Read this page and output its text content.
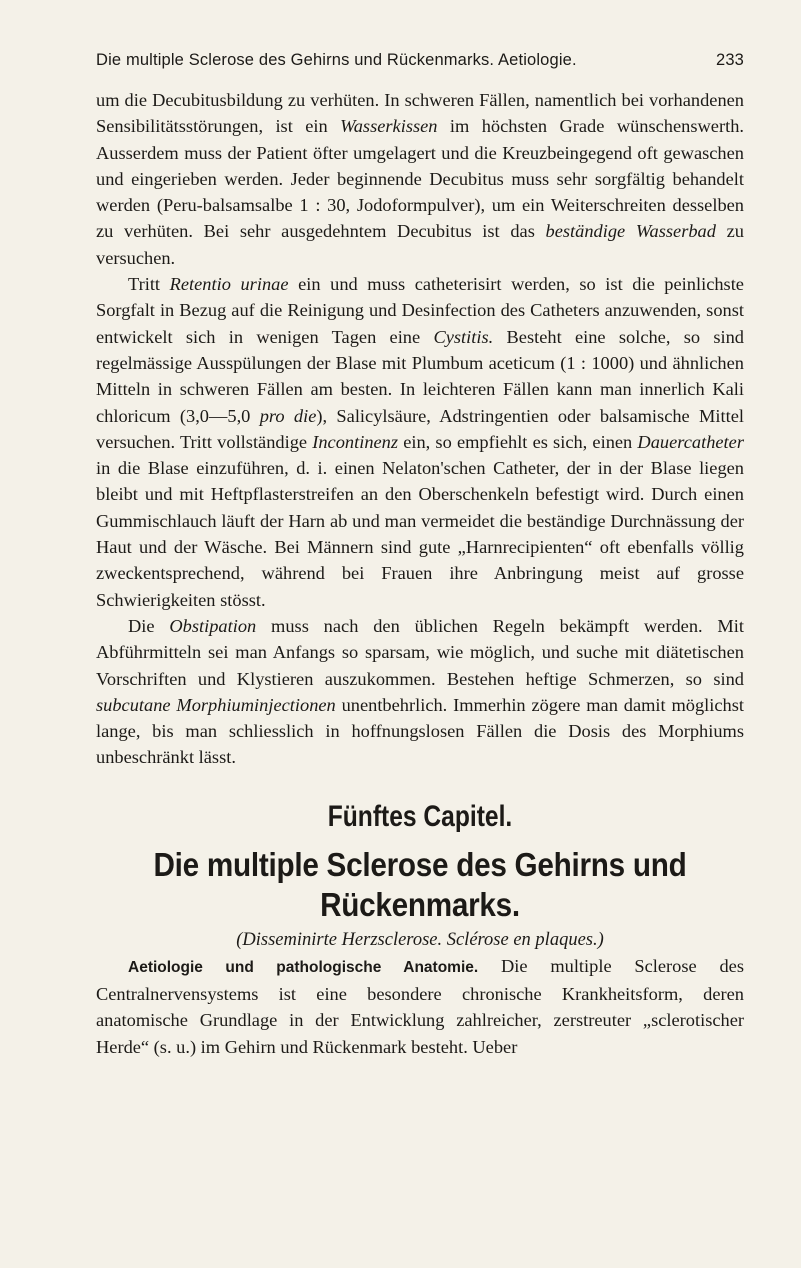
Die multiple Sclerose des Gehirns und Rückenmarks. Aetiologie.	233

um die Decubitusbildung zu verhüten. In schweren Fällen, namentlich bei vorhandenen Sensibilitätsstörungen, ist ein Wasserkissen im höchsten Grade wünschenswerth. Ausserdem muss der Patient öfter umgelagert und die Kreuzbeingegend oft gewaschen und eingerieben werden. Jeder beginnende Decubitus muss sehr sorgfältig behandelt werden (Peru-balsamsalbe 1 : 30, Jodoformpulver), um ein Weiterschreiten desselben zu verhüten. Bei sehr ausgedehntem Decubitus ist das beständige Wasserbad zu versuchen.

Tritt Retentio urinae ein und muss catheterisirt werden, so ist die peinlichste Sorgfalt in Bezug auf die Reinigung und Desinfection des Catheters anzuwenden, sonst entwickelt sich in wenigen Tagen eine Cystitis. Besteht eine solche, so sind regelmässige Ausspülungen der Blase mit Plumbum aceticum (1 : 1000) und ähnlichen Mitteln in schweren Fällen am besten. In leichteren Fällen kann man innerlich Kali chloricum (3,0—5,0 pro die), Salicylsäure, Adstringentien oder balsamische Mittel versuchen. Tritt vollständige Incontinenz ein, so empfiehlt es sich, einen Dauercatheter in die Blase einzuführen, d. i. einen Nelaton'schen Catheter, der in der Blase liegen bleibt und mit Heftpflasterstreifen an den Oberschenkeln befestigt wird. Durch einen Gummischlauch läuft der Harn ab und man vermeidet die beständige Durchnässung der Haut und der Wäsche. Bei Männern sind gute „Harnrecipienten“ oft ebenfalls völlig zweckentsprechend, während bei Frauen ihre Anbringung meist auf grosse Schwierigkeiten stösst.

Die Obstipation muss nach den üblichen Regeln bekämpft werden. Mit Abführmitteln sei man Anfangs so sparsam, wie möglich, und suche mit diätetischen Vorschriften und Klystieren auszukommen. Bestehen heftige Schmerzen, so sind subcutane Morphiuminjectionen unentbehrlich. Immerhin zögere man damit möglichst lange, bis man schliesslich in hoffnungslosen Fällen die Dosis des Morphiums unbeschränkt lässt.

Fünftes Capitel.
Die multiple Sclerose des Gehirns und Rückenmarks.
(Disseminirte Herzsclerose. Sclérose en plaques.)

Aetiologie und pathologische Anatomie. Die multiple Sclerose des Centralnervensystems ist eine besondere chronische Krankheitsform, deren anatomische Grundlage in der Entwicklung zahlreicher, zerstreuter „sclerotischer Herde“ (s. u.) im Gehirn und Rückenmark besteht. Ueber
